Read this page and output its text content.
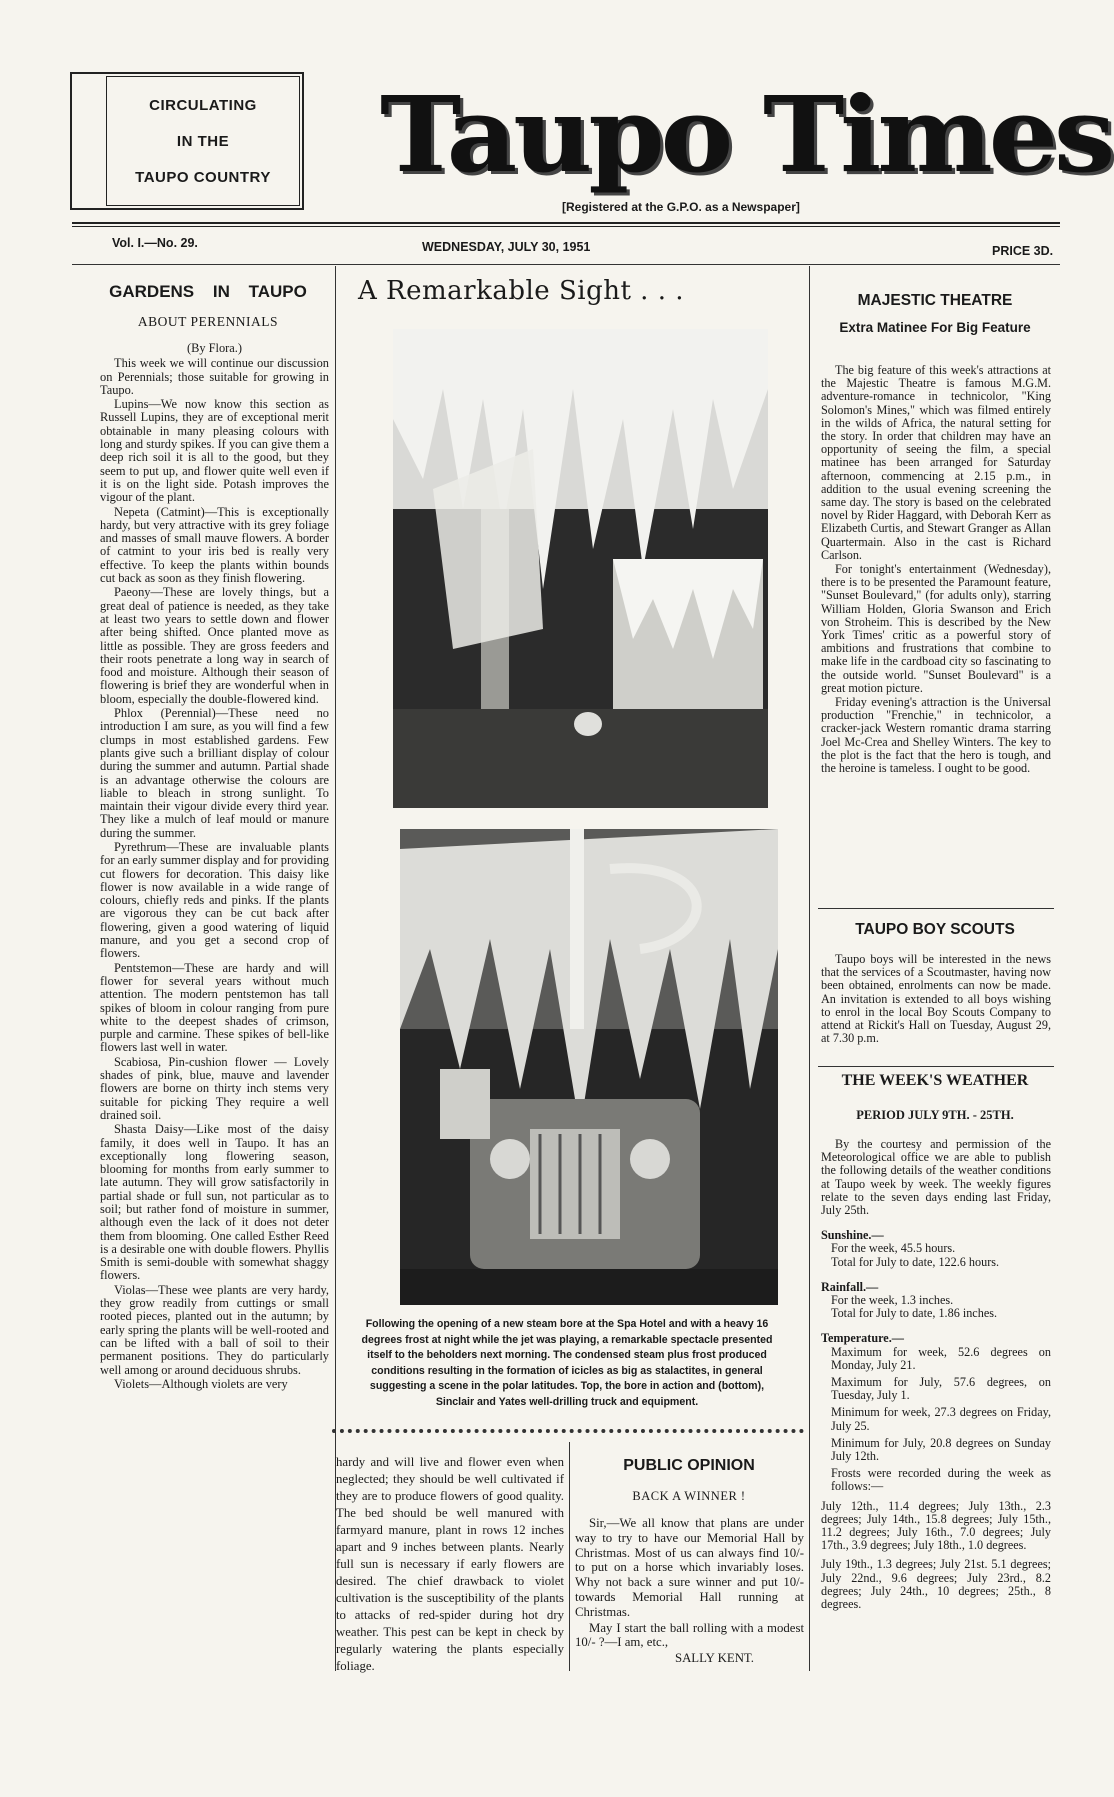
CIRCULATING
IN THE
TAUPO COUNTRY Taupo Times
[Registered at the G.P.O. as a Newspaper]
Vol. I.—No. 29.	WEDNESDAY, JULY 30, 1951	PRICE 3D.
GARDENS IN TAUPO
ABOUT PERENNIALS
(By Flora.)

This week we will continue our discussion on Perennials; those suitable for growing in Taupo.

Lupins—We now know this section as Russell Lupins, they are of exceptional merit obtainable in many pleasing colours with long and sturdy spikes. If you can give them a deep rich soil it is all to the good, but they seem to put up, and flower quite well even if it is on the light side. Potash improves the vigour of the plant.

Nepeta (Catmint)—This is exceptionally hardy, but very attractive with its grey foliage and masses of small mauve flowers. A border of catmint to your iris bed is really very effective. To keep the plants within bounds cut back as soon as they finish flowering.

Paeony—These are lovely things, but a great deal of patience is needed, as they take at least two years to settle down and flower after being shifted. Once planted move as little as possible. They are gross feeders and their roots penetrate a long way in search of food and moisture. Although their season of flowering is brief they are wonderful when in bloom, especially the double-flowered kind.

Phlox (Perennial)—These need no introduction I am sure, as you will find a few clumps in most established gardens. Few plants give such a brilliant display of colour during the summer and autumn. Partial shade is an advantage otherwise the colours are liable to bleach in strong sunlight. To maintain their vigour divide every third year. They like a mulch of leaf mould or manure during the summer.

Pyrethrum—These are invaluable plants for an early summer display and for providing cut flowers for decoration. This daisy like flower is now available in a wide range of colours, chiefly reds and pinks. If the plants are vigorous they can be cut back after flowering, given a good watering of liquid manure, and you get a second crop of flowers.

Pentstemon—These are hardy and will flower for several years without much attention. The modern pentstemon has tall spikes of bloom in colour ranging from pure white to the deepest shades of crimson, purple and carmine. These spikes of bell-like flowers last well in water.

Scabiosa, Pin-cushion flower — Lovely shades of pink, blue, mauve and lavender flowers are borne on thirty inch stems very suitable for picking They require a well drained soil.

Shasta Daisy—Like most of the daisy family, it does well in Taupo. It has an exceptionally long flowering season, blooming for months from early summer to late autumn. They will grow satisfactorily in partial shade or full sun, not particular as to soil; but rather fond of moisture in summer, although even the lack of it does not deter them from blooming. One called Esther Reed is a desirable one with double flowers. Phyllis Smith is semi-double with somewhat shaggy flowers.

Violas—These wee plants are very hardy, they grow readily from cuttings or small rooted pieces, planted out in the autumn; by early spring the plants will be well-rooted and can be lifted with a ball of soil to their permanent positions. They do particularly well among or around deciduous shrubs.

Violets—Although violets are very

A Remarkable Sight . . .
Following the opening of a new steam bore at the Spa Hotel and with a heavy 16 degrees frost at night while the jet was playing, a remarkable spectacle presented itself to the beholders next morning. The condensed steam plus frost produced conditions resulting in the formation of icicles as big as stalactites, in general suggesting a scene in the polar latitudes. Top, the bore in action and (bottom), Sinclair and Yates well-drilling truck and equipment.
hardy and will live and flower even when neglected; they should be well cultivated if they are to produce flowers of good quality. The bed should be well manured with farmyard manure, plant in rows 12 inches apart and 9 inches between plants. Nearly full sun is necessary if early flowers are desired. The chief drawback to violet cultivation is the susceptibility of the plants to attacks of red-spider during hot dry weather. This pest can be kept in check by regularly watering the plants especially foliage.
PUBLIC OPINION
BACK A WINNER !

Sir,—We all know that plans are under way to try to have our Memorial Hall by Christmas. Most of us can always find 10/- to put on a horse which invariably loses. Why not back a sure winner and put 10/- towards Memorial Hall running at Christmas.

May I start the ball rolling with a modest 10/- ?—I am, etc.,

SALLY KENT.
MAJESTIC THEATRE
Extra Matinee For Big Feature

The big feature of this week's attractions at the Majestic Theatre is famous M.G.M. adventure-romance in technicolor, "King Solomon's Mines," which was filmed entirely in the wilds of Africa, the natural setting for the story. In order that children may have an opportunity of seeing the film, a special matinee has been arranged for Saturday afternoon, commencing at 2.15 p.m., in addition to the usual evening screening the same day. The story is based on the celebrated novel by Rider Haggard, with Deborah Kerr as Elizabeth Curtis, and Stewart Granger as Allan Quartermain. Also in the cast is Richard Carlson.

For tonight's entertainment (Wednesday), there is to be presented the Paramount feature, "Sunset Boulevard," (for adults only), starring William Holden, Gloria Swanson and Erich von Stroheim. This is described by the New York Times' critic as a powerful story of ambitions and frustrations that combine to make life in the cardboad city so fascinating to the outside world. "Sunset Boulevard" is a great motion picture.

Friday evening's attraction is the Universal production "Frenchie," in technicolor, a cracker-jack Western romantic drama starring Joel Mc-Crea and Shelley Winters. The key to the plot is the fact that the hero is tough, and the heroine is tameless. I ought to be good.

TAUPO BOY SCOUTS

Taupo boys will be interested in the news that the services of a Scoutmaster, having now been obtained, enrolments can now be made. An invitation is extended to all boys wishing to enrol in the local Boy Scouts Company to attend at Rickit's Hall on Tuesday, August 29, at 7.30 p.m.

THE WEEK'S WEATHER
PERIOD JULY 9TH. - 25TH.

By the courtesy and permission of the Meteorological office we are able to publish the following details of the weather conditions at Taupo week by week. The weekly figures relate to the seven days ending last Friday, July 25th.

Sunshine.—
For the week, 45.5 hours.
Total for July to date, 122.6 hours.
Rainfall.—
For the week, 1.3 inches.
Total for July to date, 1.86 inches.
Temperature.—
Maximum for week, 52.6 degrees on Monday, July 21.
Maximum for July, 57.6 degrees, on Tuesday, July 1.
Minimum for week, 27.3 degrees on Friday, July 25.
Minimum for July, 20.8 degrees on Sunday July 12th.
Frosts were recorded during the week as follows:—
July 12th., 11.4 degrees; July 13th., 2.3 degrees; July 14th., 15.8 degrees; July 15th., 11.2 degrees; July 16th., 7.0 degrees; July 17th., 3.9 degrees; July 18th., 1.0 degrees.
July 19th., 1.3 degrees; July 21st. 5.1 degrees; July 22nd., 9.6 degrees; July 23rd., 8.2 degrees; July 24th., 10 degrees; 25th., 8 degrees.
